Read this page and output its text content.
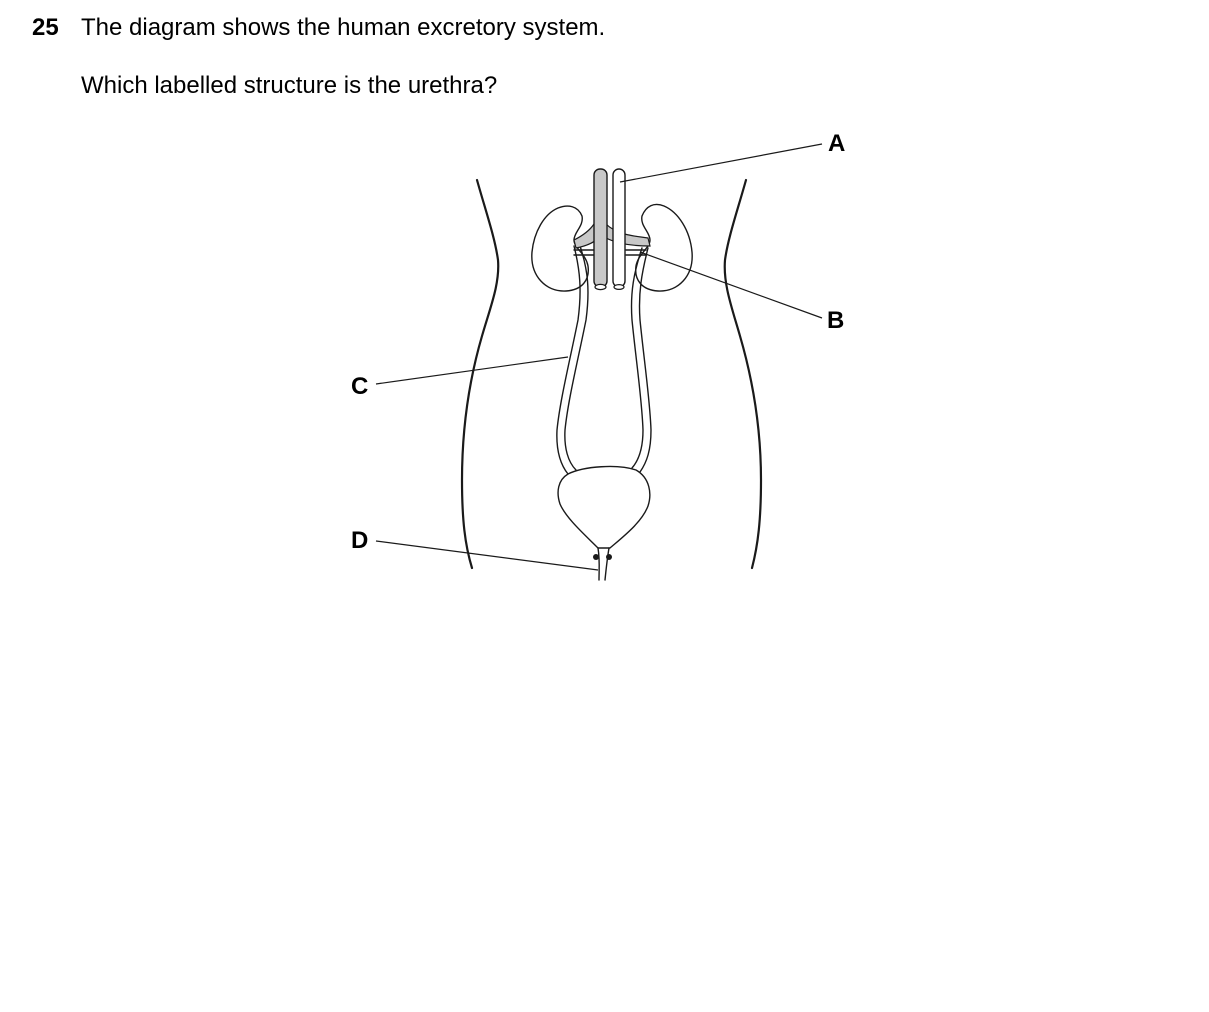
25 The diagram shows the human excretory system.
Which labelled structure is the urethra?
A
B
C
D
